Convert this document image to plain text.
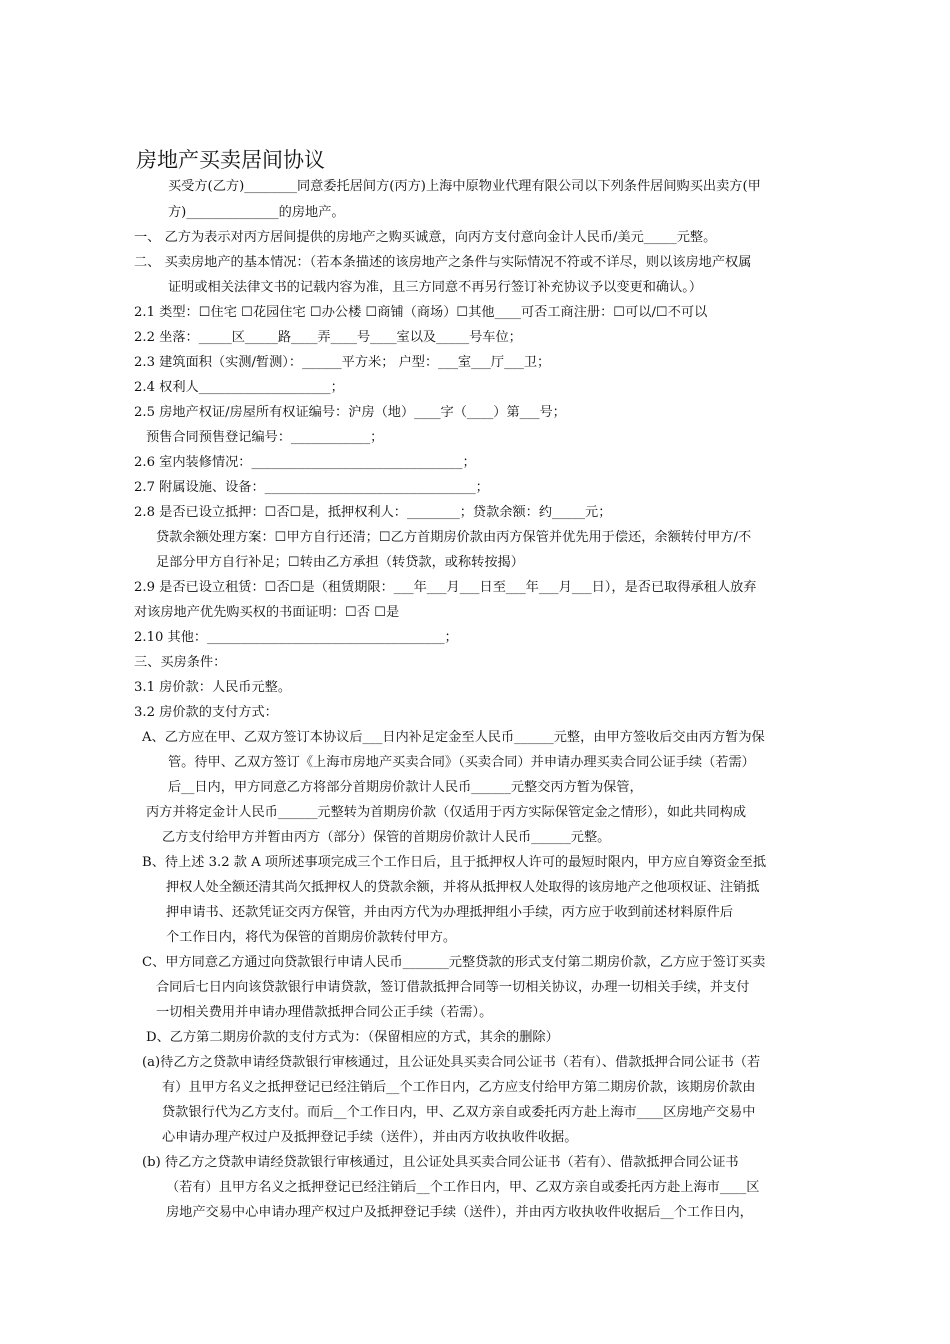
房地产买卖居间协议
买受方(乙方)________同意委托居间方(丙方)上海中原物业代理有限公司以下列条件居间购买出卖方(甲
方)______________的房地产。
一、 乙方为表示对丙方居间提供的房地产之购买诚意，向丙方支付意向金计人民币/美元_____元整。
二、 买卖房地产的基本情况：（若本条描述的该房地产之条件与实际情况不符或不详尽，则以该房地产权属
证明或相关法律文书的记载内容为准，且三方同意不再另行签订补充协议予以变更和确认。）
2.1 类型：☐住宅 ☐花园住宅 ☐办公楼 ☐商铺（商场）☐其他____可否工商注册：☐可以/☐不可以
2.2 坐落：_____区_____路____弄____号____室以及_____号车位；
2.3 建筑面积（实测/暂测）：______平方米； 户型：___室___厅___卫；
2.4 权利人____________________；
2.5 房地产权证/房屋所有权证编号：沪房（地）____字（____）第___号；
预售合同预售登记编号：____________；
2.6 室内装修情况：________________________________；
2.7 附属设施、设备：________________________________；
2.8 是否已设立抵押：☐否☐是，抵押权利人：________；贷款余额：约_____元；
贷款余额处理方案：☐甲方自行还清；☐乙方首期房价款由丙方保管并优先用于偿还，余额转付甲方/不
足部分甲方自行补足；☐转由乙方承担（转贷款，或称转按揭）
2.9 是否已设立租赁：☐否☐是（租赁期限：___年___月___日至___年___月___日），是否已取得承租人放弃
对该房地产优先购买权的书面证明：☐否 ☐是
2.10 其他：____________________________________；
三、买房条件：
3.1 房价款：人民币元整。
3.2 房价款的支付方式：
A、乙方应在甲、乙双方签订本协议后___日内补足定金至人民币______元整，由甲方签收后交由丙方暂为保
管。待甲、乙双方签订《上海市房地产买卖合同》（买卖合同）并申请办理买卖合同公证手续（若需）
后__日内，甲方同意乙方将部分首期房价款计人民币______元整交丙方暂为保管，
丙方并将定金计人民币______元整转为首期房价款（仅适用于丙方实际保管定金之情形），如此共同构成
乙方支付给甲方并暂由丙方（部分）保管的首期房价款计人民币______元整。
B、待上述 3.2 款 A 项所述事项完成三个工作日后，且于抵押权人许可的最短时限内，甲方应自筹资金至抵
押权人处全额还清其尚欠抵押权人的贷款余额，并将从抵押权人处取得的该房地产之他项权证、注销抵
押申请书、还款凭证交丙方保管，并由丙方代为办理抵押组小手续，丙方应于收到前述材料原件后
个工作日内，将代为保管的首期房价款转付甲方。
C、甲方同意乙方通过向贷款银行申请人民币_______元整贷款的形式支付第二期房价款，乙方应于签订买卖
合同后七日内向该贷款银行申请贷款，签订借款抵押合同等一切相关协议，办理一切相关手续，并支付
一切相关费用并申请办理借款抵押合同公正手续（若需）。
D、乙方第二期房价款的支付方式为：（保留相应的方式，其余的删除）
(a)待乙方之贷款申请经贷款银行审核通过，且公证处具买卖合同公证书（若有）、借款抵押合同公证书（若
有）且甲方名义之抵押登记已经注销后__个工作日内，乙方应支付给甲方第二期房价款，该期房价款由
贷款银行代为乙方支付。而后__个工作日内，甲、乙双方亲自或委托丙方赴上海市____区房地产交易中
心申请办理产权过户及抵押登记手续（送件），并由丙方收执收件收据。
(b) 待乙方之贷款申请经贷款银行审核通过，且公证处具买卖合同公证书（若有）、借款抵押合同公证书
（若有）且甲方名义之抵押登记已经注销后__个工作日内，甲、乙双方亲自或委托丙方赴上海市____区
房地产交易中心申请办理产权过户及抵押登记手续（送件），并由丙方收执收件收据后__个工作日内，
